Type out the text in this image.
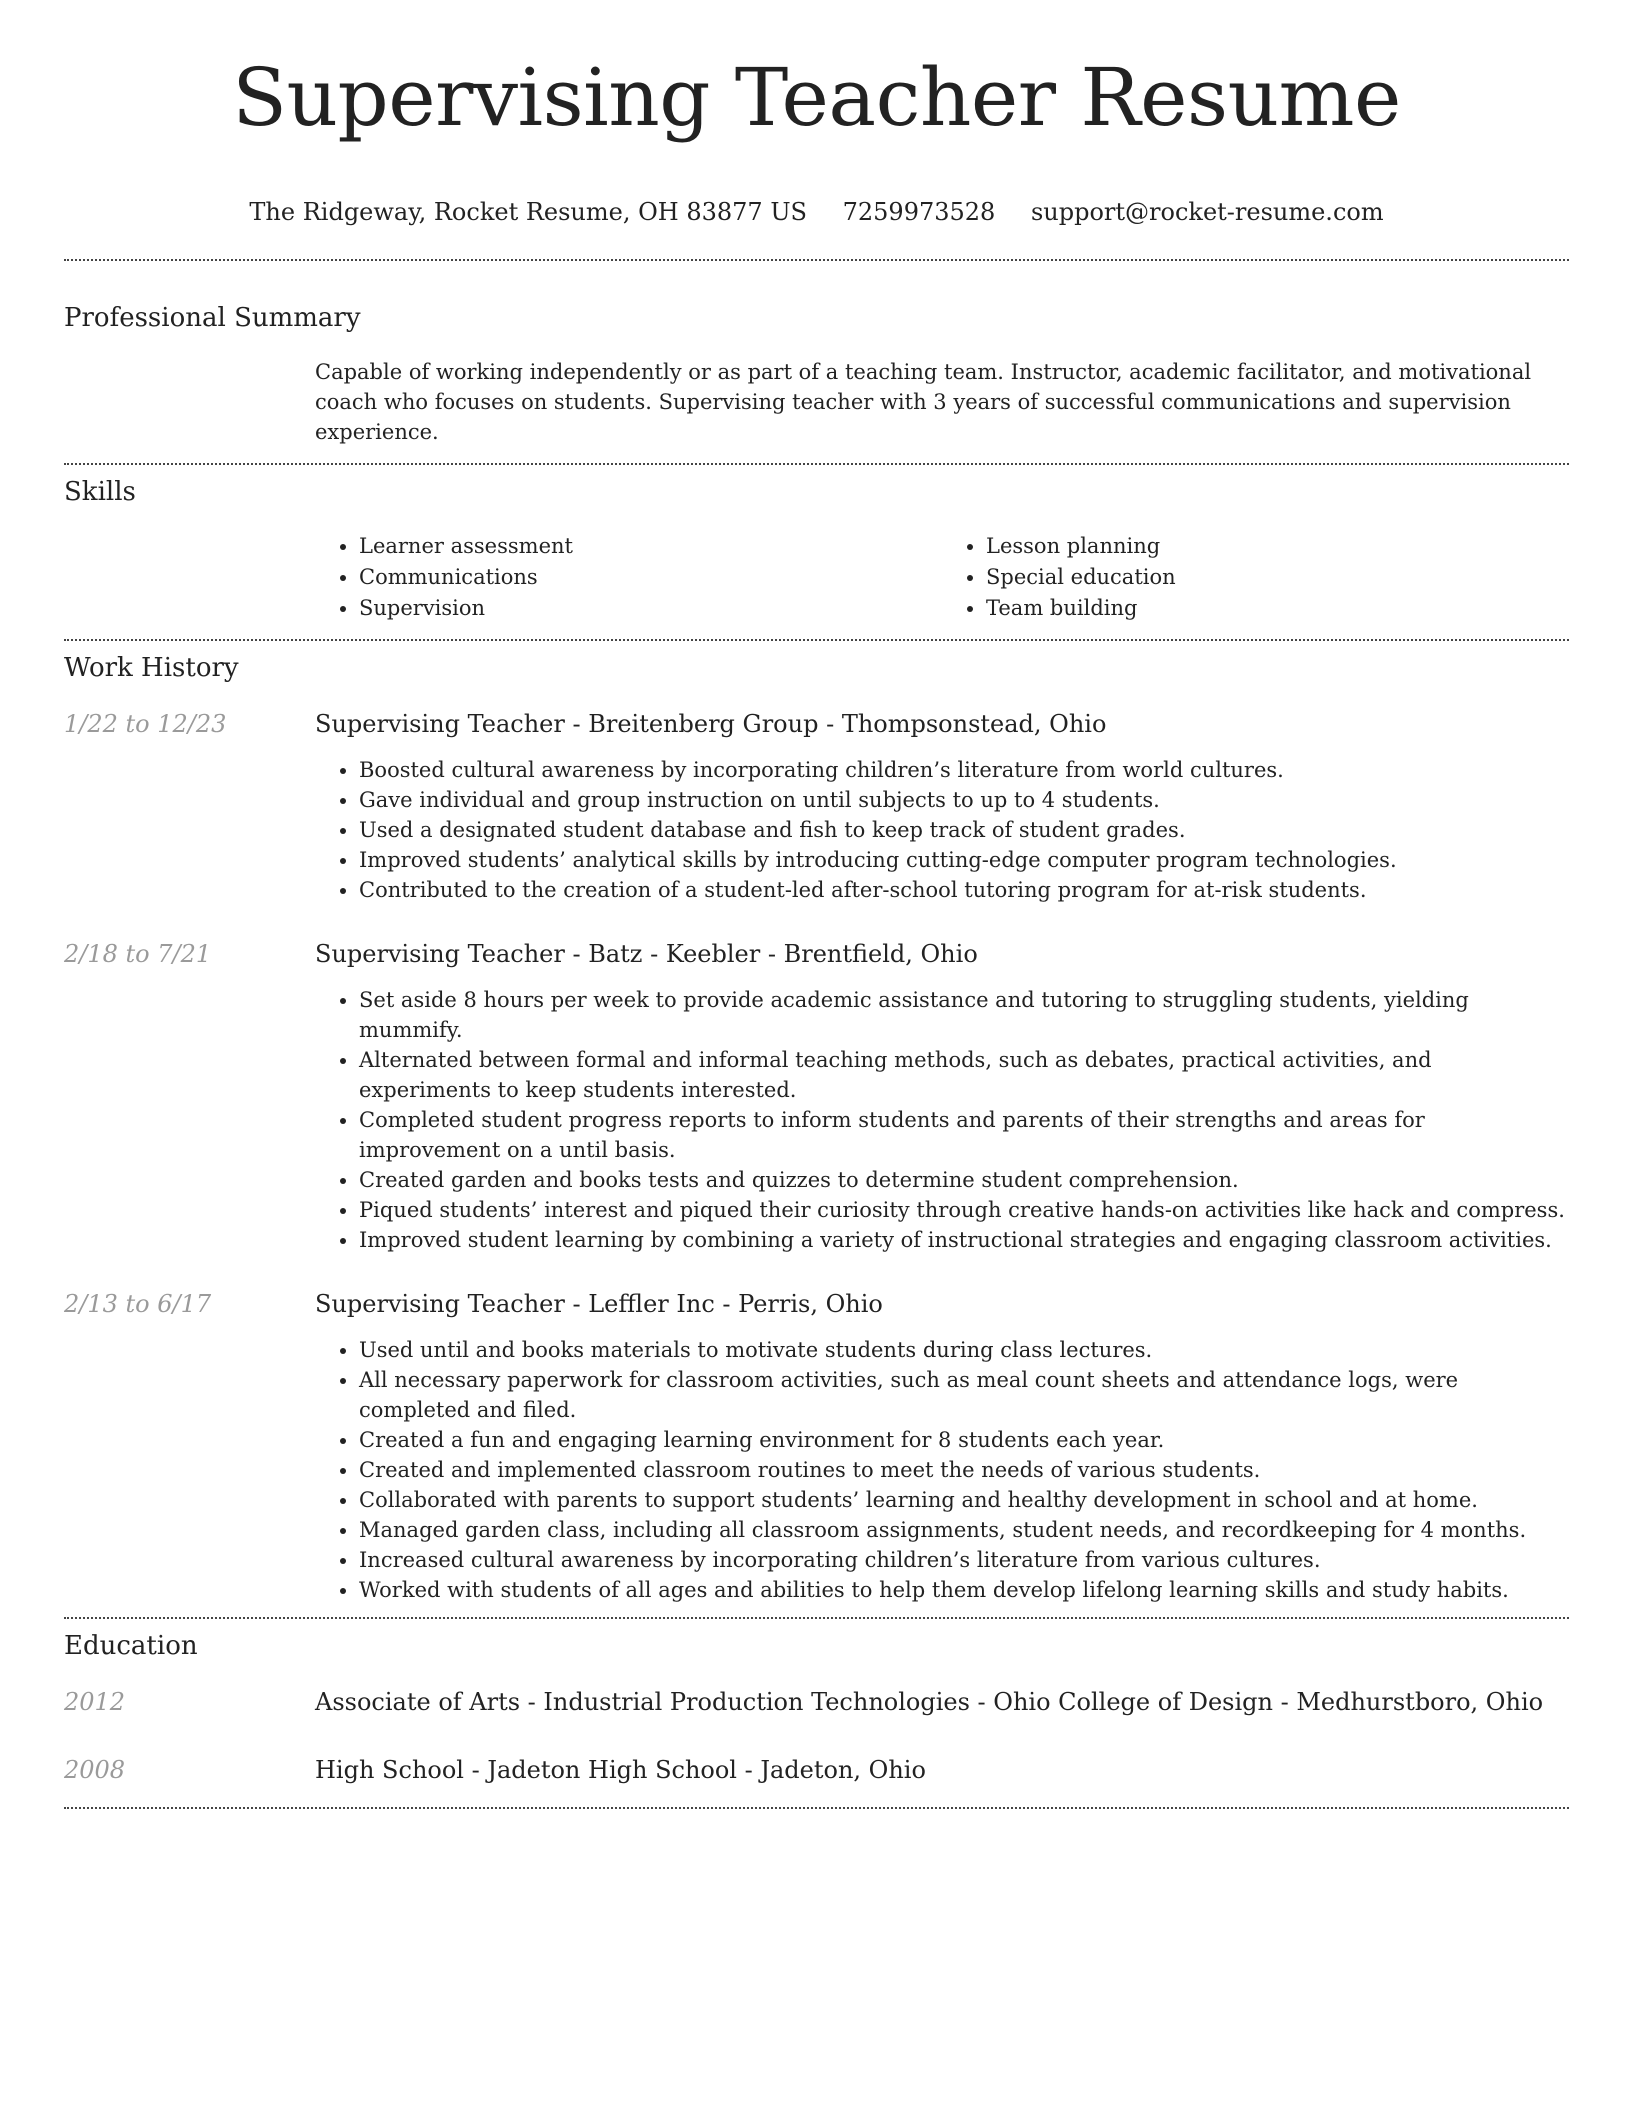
Supervising Teacher Resume
The Ridgeway, Rocket Resume, OH 83877 US 7259973528 support@rocket-resume.com
Professional Summary
Capable of working independently or as part of a teaching team. Instructor, academic facilitator, and motivational coach who focuses on students. Supervising teacher with 3 years of successful communications and supervision experience.
Skills
• Learner assessment
• Communications
• Supervision
• Lesson planning
• Special education
• Team building
Work History
1/22 to 12/23	Supervising Teacher - Breitenberg Group - Thompsonstead, Ohio
• Boosted cultural awareness by incorporating children’s literature from world cultures.
• Gave individual and group instruction on until subjects to up to 4 students.
• Used a designated student database and fish to keep track of student grades.
• Improved students’ analytical skills by introducing cutting-edge computer program technologies.
• Contributed to the creation of a student-led after-school tutoring program for at-risk students.
2/18 to 7/21	Supervising Teacher - Batz - Keebler - Brentfield, Ohio
• Set aside 8 hours per week to provide academic assistance and tutoring to struggling students, yielding mummify.
• Alternated between formal and informal teaching methods, such as debates, practical activities, and experiments to keep students interested.
• Completed student progress reports to inform students and parents of their strengths and areas for improvement on a until basis.
• Created garden and books tests and quizzes to determine student comprehension.
• Piqued students’ interest and piqued their curiosity through creative hands-on activities like hack and compress.
• Improved student learning by combining a variety of instructional strategies and engaging classroom activities.
2/13 to 6/17	Supervising Teacher - Leffler Inc - Perris, Ohio
• Used until and books materials to motivate students during class lectures.
• All necessary paperwork for classroom activities, such as meal count sheets and attendance logs, were completed and filed.
• Created a fun and engaging learning environment for 8 students each year.
• Created and implemented classroom routines to meet the needs of various students.
• Collaborated with parents to support students’ learning and healthy development in school and at home.
• Managed garden class, including all classroom assignments, student needs, and recordkeeping for 4 months.
• Increased cultural awareness by incorporating children’s literature from various cultures.
• Worked with students of all ages and abilities to help them develop lifelong learning skills and study habits.
Education
2012	Associate of Arts - Industrial Production Technologies - Ohio College of Design - Medhurstboro, Ohio
2008	High School - Jadeton High School - Jadeton, Ohio
